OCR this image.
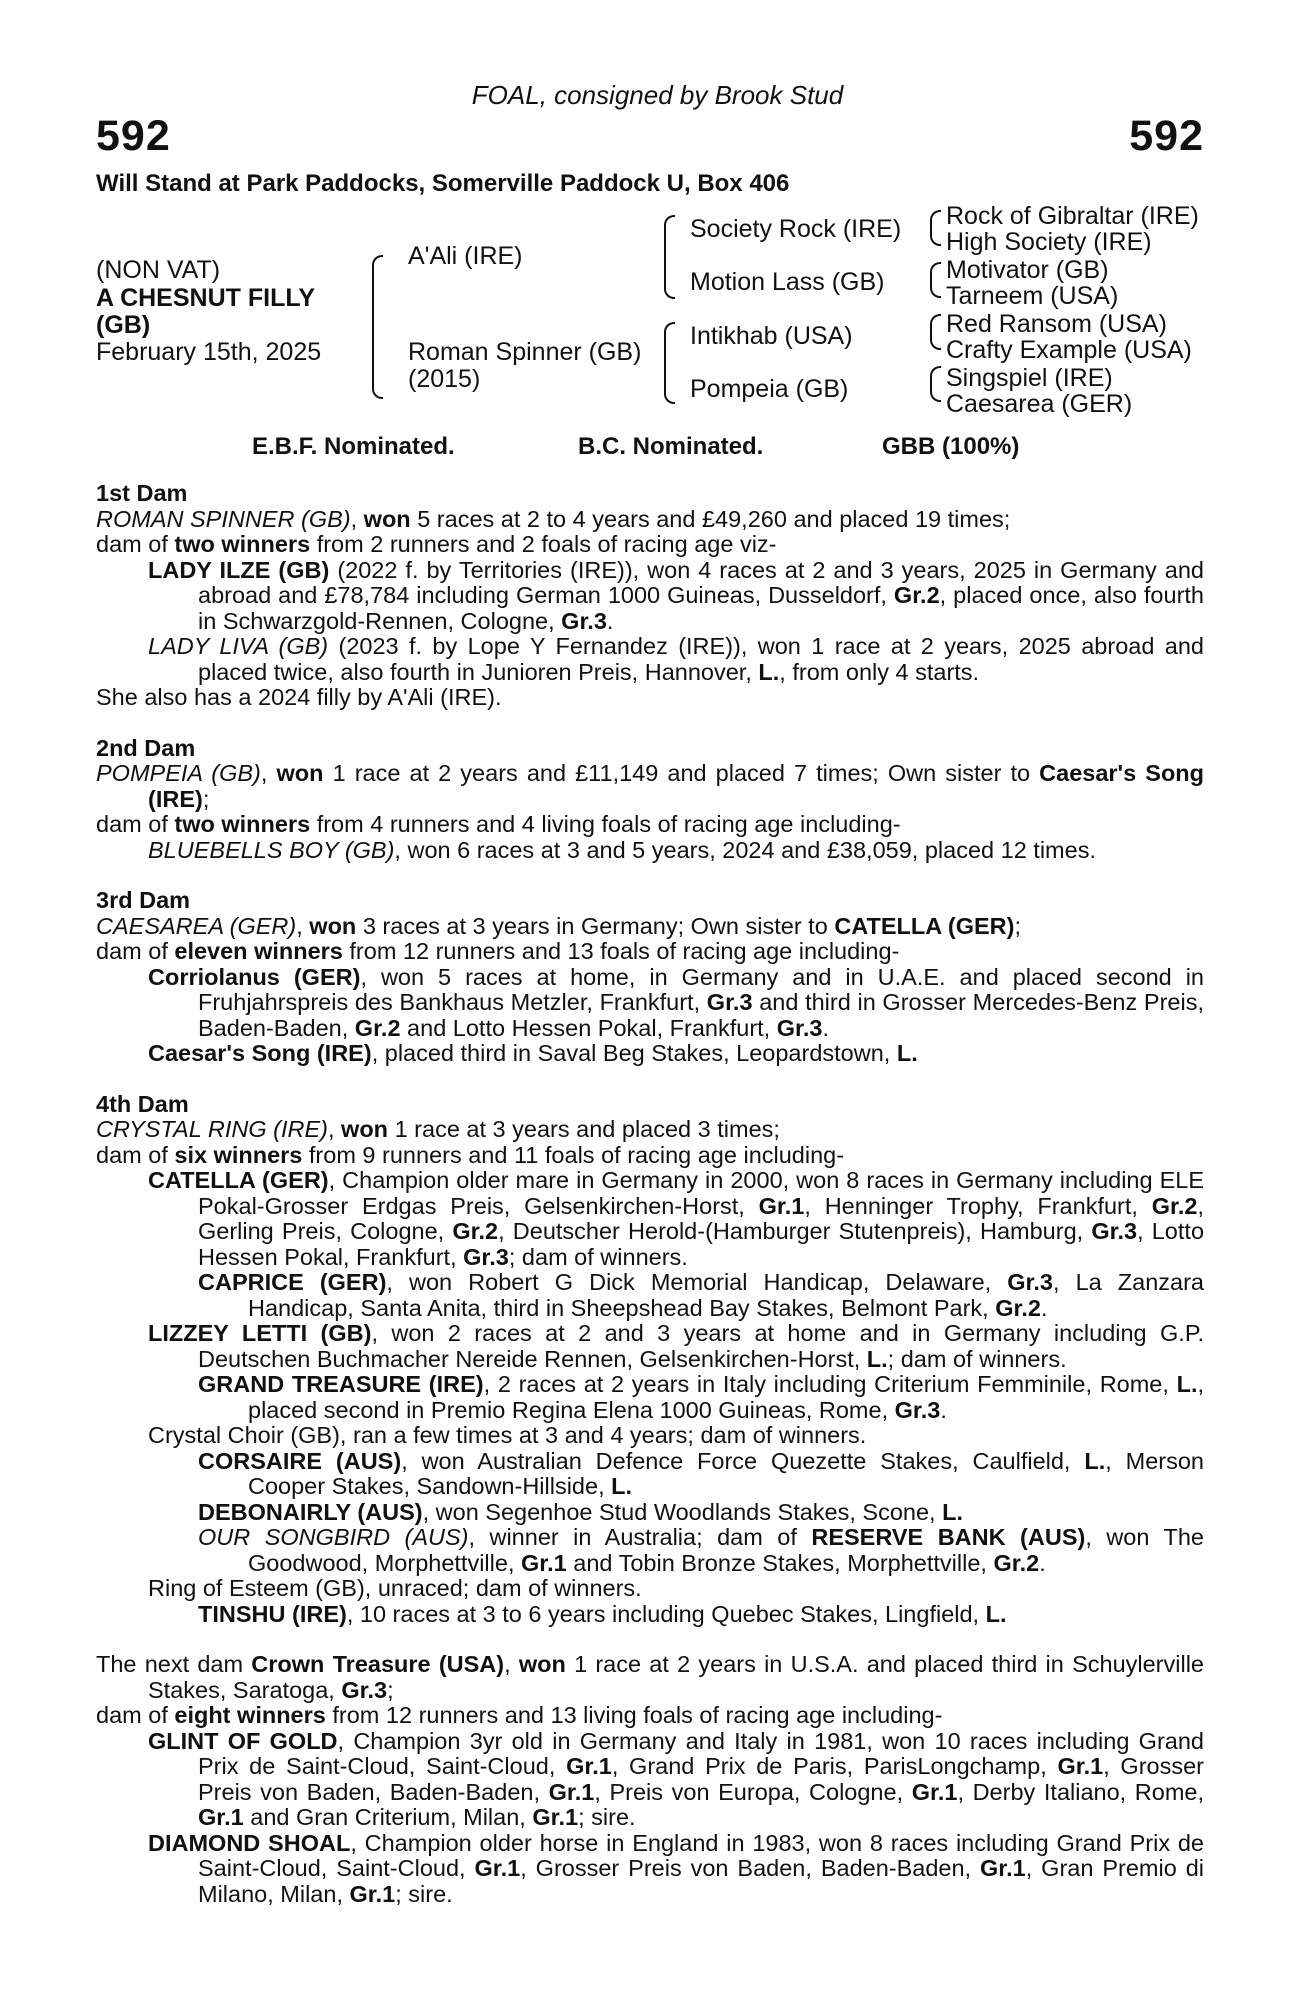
FOAL, consigned by Brook Stud
592	592
Will Stand at Park Paddocks, Somerville Paddock U, Box 406
(NON VAT)
A CHESNUT FILLY
(GB)
February 15th, 2025
A'Ali (IRE)
Roman Spinner (GB)
(2015)
Society Rock (IRE)
Motion Lass (GB)
Intikhab (USA)
Pompeia (GB)
Rock of Gibraltar (IRE)
High Society (IRE)
Motivator (GB)
Tarneem (USA)
Red Ransom (USA)
Crafty Example (USA)
Singspiel (IRE)
Caesarea (GER)
E.B.F. Nominated.	B.C. Nominated.	GBB (100%)
1st Dam
ROMAN SPINNER (GB), won 5 races at 2 to 4 years and £49,260 and placed 19 times;
dam of two winners from 2 runners and 2 foals of racing age viz-
LADY ILZE (GB) (2022 f. by Territories (IRE)), won 4 races at 2 and 3 years, 2025 in Germany and abroad and £78,784 including German 1000 Guineas, Dusseldorf, Gr.2, placed once, also fourth in Schwarzgold-Rennen, Cologne, Gr.3.
LADY LIVA (GB) (2023 f. by Lope Y Fernandez (IRE)), won 1 race at 2 years, 2025 abroad and placed twice, also fourth in Junioren Preis, Hannover, L., from only 4 starts.
She also has a 2024 filly by A'Ali (IRE).
2nd Dam
POMPEIA (GB), won 1 race at 2 years and £11,149 and placed 7 times; Own sister to Caesar's Song (IRE);
dam of two winners from 4 runners and 4 living foals of racing age including-
BLUEBELLS BOY (GB), won 6 races at 3 and 5 years, 2024 and £38,059, placed 12 times.
3rd Dam
CAESAREA (GER), won 3 races at 3 years in Germany; Own sister to CATELLA (GER);
dam of eleven winners from 12 runners and 13 foals of racing age including-
Corriolanus (GER), won 5 races at home, in Germany and in U.A.E. and placed second in Fruhjahrspreis des Bankhaus Metzler, Frankfurt, Gr.3 and third in Grosser Mercedes-Benz Preis, Baden-Baden, Gr.2 and Lotto Hessen Pokal, Frankfurt, Gr.3.
Caesar's Song (IRE), placed third in Saval Beg Stakes, Leopardstown, L.
4th Dam
CRYSTAL RING (IRE), won 1 race at 3 years and placed 3 times;
dam of six winners from 9 runners and 11 foals of racing age including-
CATELLA (GER), Champion older mare in Germany in 2000, won 8 races in Germany including ELE Pokal-Grosser Erdgas Preis, Gelsenkirchen-Horst, Gr.1, Henninger Trophy, Frankfurt, Gr.2, Gerling Preis, Cologne, Gr.2, Deutscher Herold-(Hamburger Stutenpreis), Hamburg, Gr.3, Lotto Hessen Pokal, Frankfurt, Gr.3; dam of winners.
CAPRICE (GER), won Robert G Dick Memorial Handicap, Delaware, Gr.3, La Zanzara Handicap, Santa Anita, third in Sheepshead Bay Stakes, Belmont Park, Gr.2.
LIZZEY LETTI (GB), won 2 races at 2 and 3 years at home and in Germany including G.P. Deutschen Buchmacher Nereide Rennen, Gelsenkirchen-Horst, L.; dam of winners.
GRAND TREASURE (IRE), 2 races at 2 years in Italy including Criterium Femminile, Rome, L., placed second in Premio Regina Elena 1000 Guineas, Rome, Gr.3.
Crystal Choir (GB), ran a few times at 3 and 4 years; dam of winners.
CORSAIRE (AUS), won Australian Defence Force Quezette Stakes, Caulfield, L., Merson Cooper Stakes, Sandown-Hillside, L.
DEBONAIRLY (AUS), won Segenhoe Stud Woodlands Stakes, Scone, L.
OUR SONGBIRD (AUS), winner in Australia; dam of RESERVE BANK (AUS), won The Goodwood, Morphettville, Gr.1 and Tobin Bronze Stakes, Morphettville, Gr.2.
Ring of Esteem (GB), unraced; dam of winners.
TINSHU (IRE), 10 races at 3 to 6 years including Quebec Stakes, Lingfield, L.
The next dam Crown Treasure (USA), won 1 race at 2 years in U.S.A. and placed third in Schuylerville Stakes, Saratoga, Gr.3;
dam of eight winners from 12 runners and 13 living foals of racing age including-
GLINT OF GOLD, Champion 3yr old in Germany and Italy in 1981, won 10 races including Grand Prix de Saint-Cloud, Saint-Cloud, Gr.1, Grand Prix de Paris, ParisLongchamp, Gr.1, Grosser Preis von Baden, Baden-Baden, Gr.1, Preis von Europa, Cologne, Gr.1, Derby Italiano, Rome, Gr.1 and Gran Criterium, Milan, Gr.1; sire.
DIAMOND SHOAL, Champion older horse in England in 1983, won 8 races including Grand Prix de Saint-Cloud, Saint-Cloud, Gr.1, Grosser Preis von Baden, Baden-Baden, Gr.1, Gran Premio di Milano, Milan, Gr.1; sire.
